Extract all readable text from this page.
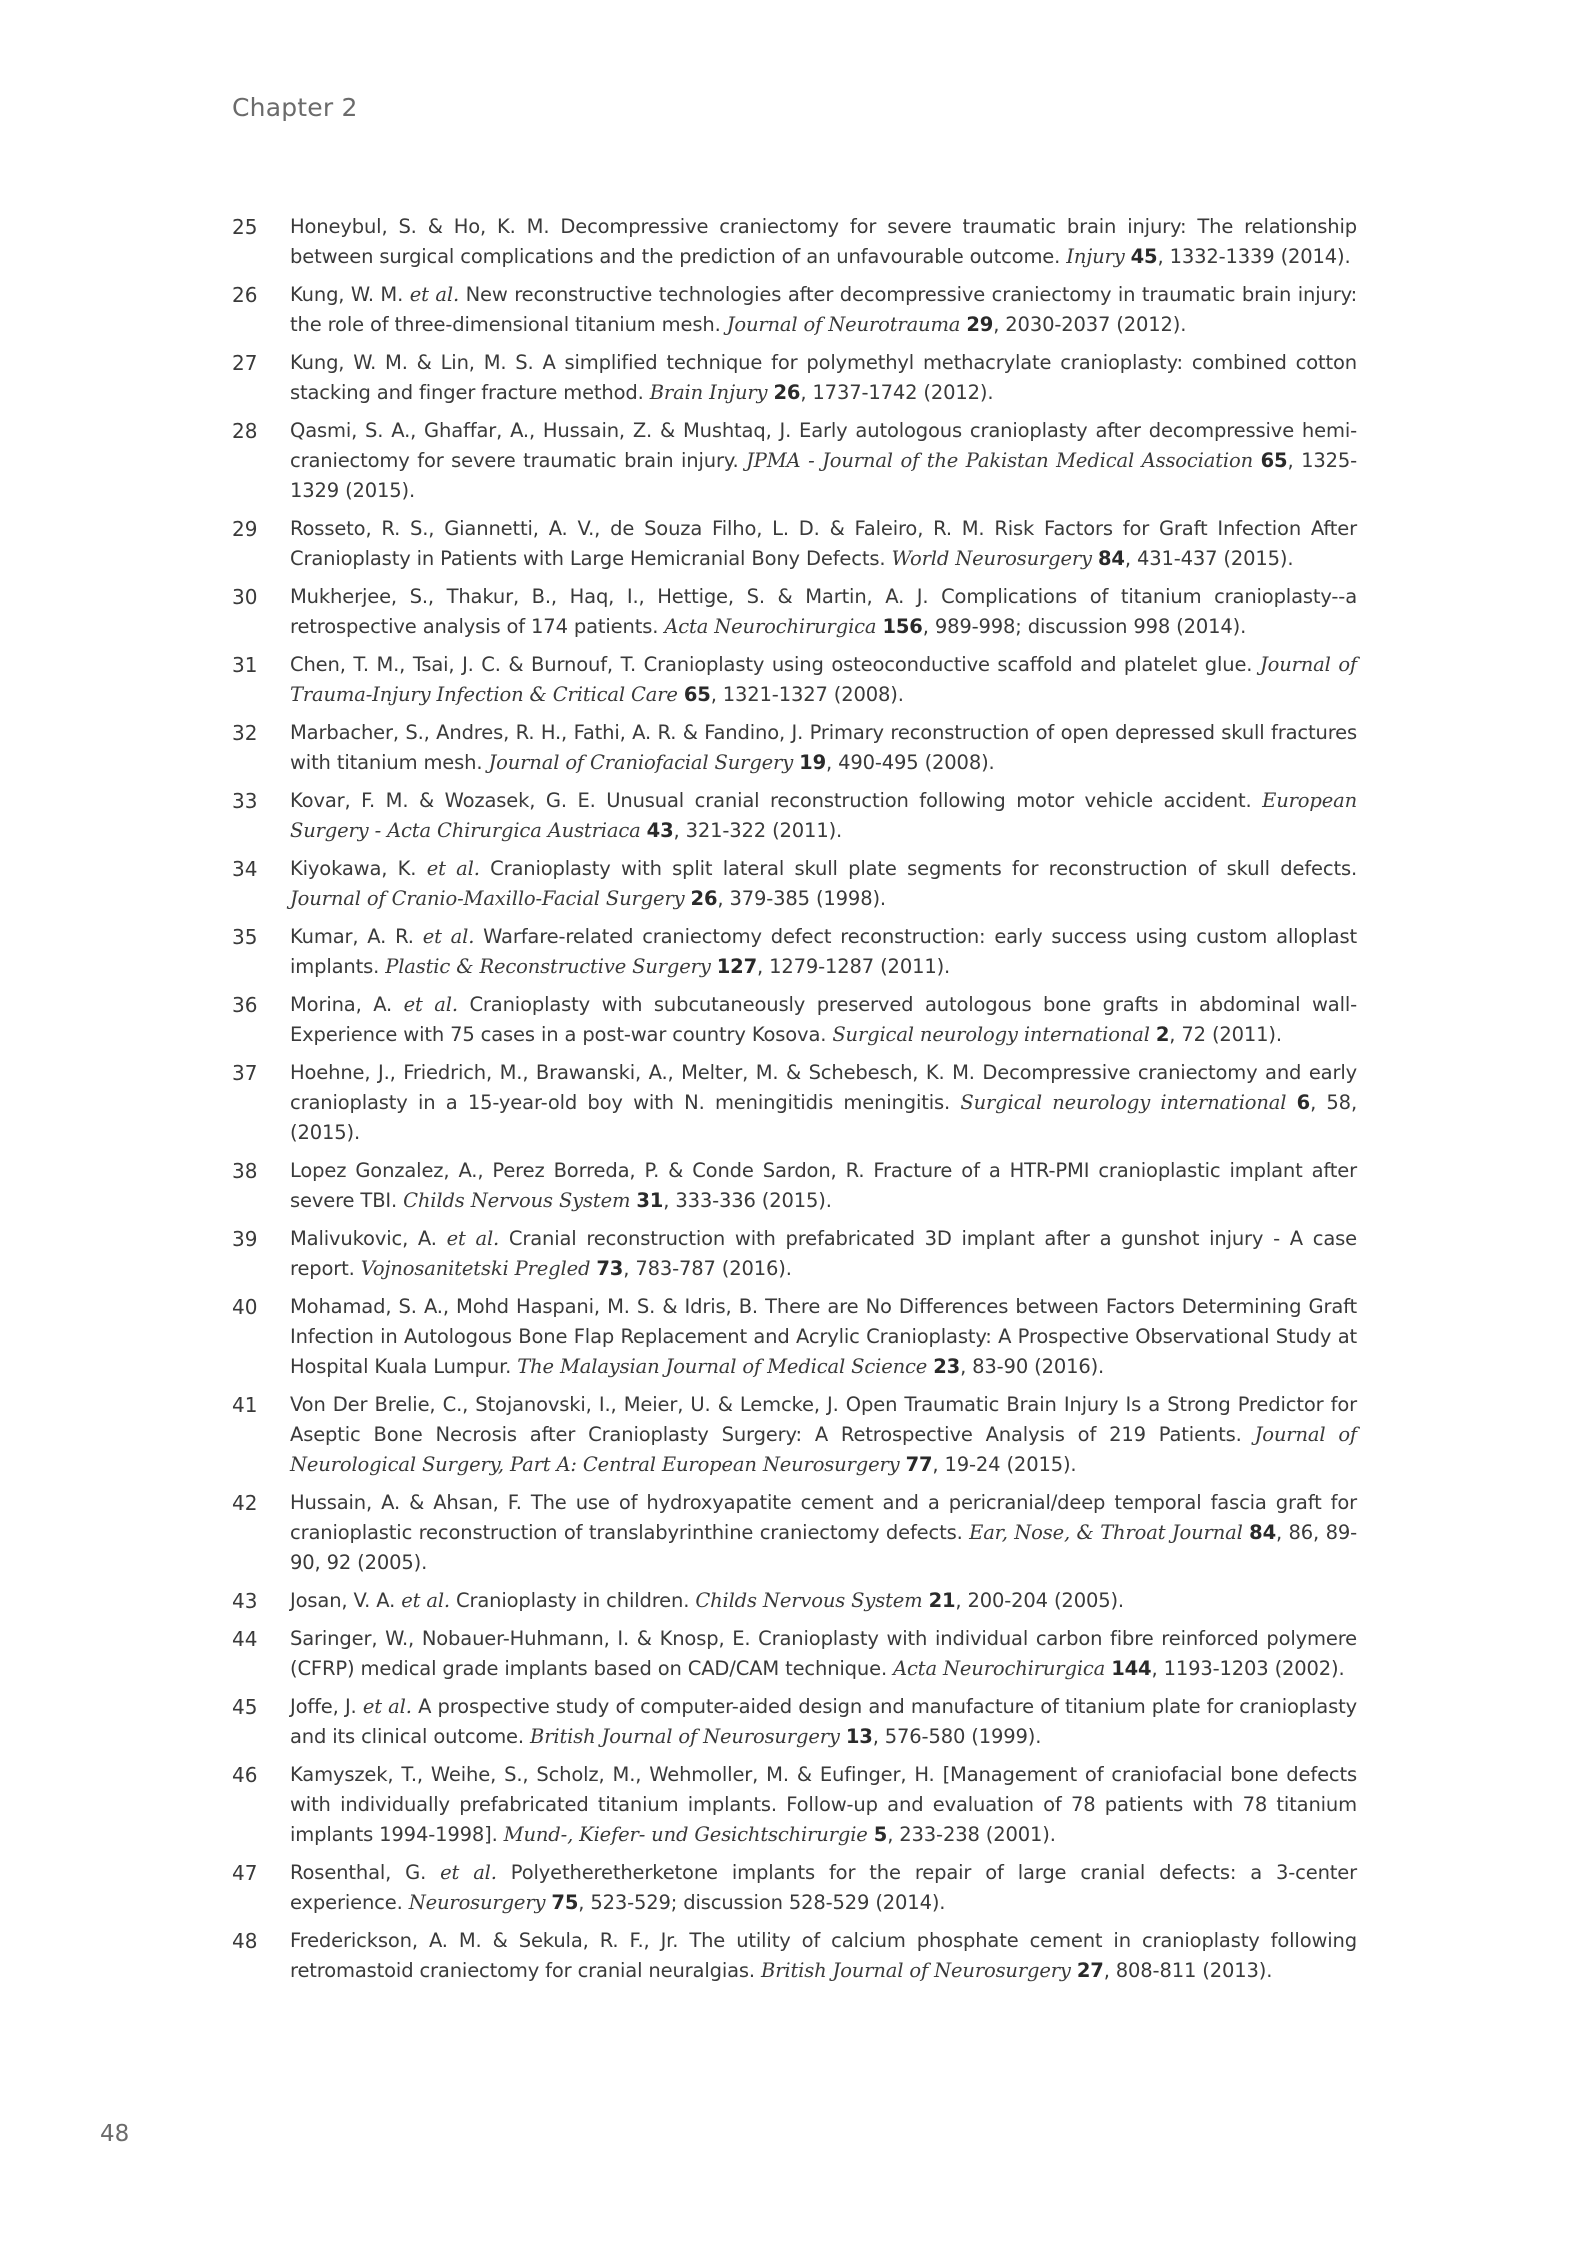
Chapter 2
25	Honeybul, S. & Ho, K. M. Decompressive craniectomy for severe traumatic brain injury: The relationship between surgical complications and the prediction of an unfavourable outcome. Injury 45, 1332-1339 (2014).
26	Kung, W. M. et al. New reconstructive technologies after decompressive craniectomy in traumatic brain injury: the role of three-dimensional titanium mesh. Journal of Neurotrauma 29, 2030-2037 (2012).
27	Kung, W. M. & Lin, M. S. A simplified technique for polymethyl methacrylate cranioplasty: combined cotton stacking and finger fracture method. Brain Injury 26, 1737-1742 (2012).
28	Qasmi, S. A., Ghaffar, A., Hussain, Z. & Mushtaq, J. Early autologous cranioplasty after decompressive hemi-craniectomy for severe traumatic brain injury. JPMA - Journal of the Pakistan Medical Association 65, 1325-1329 (2015).
29	Rosseto, R. S., Giannetti, A. V., de Souza Filho, L. D. & Faleiro, R. M. Risk Factors for Graft Infection After Cranioplasty in Patients with Large Hemicranial Bony Defects. World Neurosurgery 84, 431-437 (2015).
30	Mukherjee, S., Thakur, B., Haq, I., Hettige, S. & Martin, A. J. Complications of titanium cranioplasty--a retrospective analysis of 174 patients. Acta Neurochirurgica 156, 989-998; discussion 998 (2014).
31	Chen, T. M., Tsai, J. C. & Burnouf, T. Cranioplasty using osteoconductive scaffold and platelet glue. Journal of Trauma-Injury Infection & Critical Care 65, 1321-1327 (2008).
32	Marbacher, S., Andres, R. H., Fathi, A. R. & Fandino, J. Primary reconstruction of open depressed skull fractures with titanium mesh. Journal of Craniofacial Surgery 19, 490-495 (2008).
33	Kovar, F. M. & Wozasek, G. E. Unusual cranial reconstruction following motor vehicle accident. European Surgery - Acta Chirurgica Austriaca 43, 321-322 (2011).
34	Kiyokawa, K. et al. Cranioplasty with split lateral skull plate segments for reconstruction of skull defects. Journal of Cranio-Maxillo-Facial Surgery 26, 379-385 (1998).
35	Kumar, A. R. et al. Warfare-related craniectomy defect reconstruction: early success using custom alloplast implants. Plastic & Reconstructive Surgery 127, 1279-1287 (2011).
36	Morina, A. et al. Cranioplasty with subcutaneously preserved autologous bone grafts in abdominal wall-Experience with 75 cases in a post-war country Kosova. Surgical neurology international 2, 72 (2011).
37	Hoehne, J., Friedrich, M., Brawanski, A., Melter, M. & Schebesch, K. M. Decompressive craniectomy and early cranioplasty in a 15-year-old boy with N. meningitidis meningitis. Surgical neurology international 6, 58, (2015).
38	Lopez Gonzalez, A., Perez Borreda, P. & Conde Sardon, R. Fracture of a HTR-PMI cranioplastic implant after severe TBI. Childs Nervous System 31, 333-336 (2015).
39	Malivukovic, A. et al. Cranial reconstruction with prefabricated 3D implant after a gunshot injury - A case report. Vojnosanitetski Pregled 73, 783-787 (2016).
40	Mohamad, S. A., Mohd Haspani, M. S. & Idris, B. There are No Differences between Factors Determining Graft Infection in Autologous Bone Flap Replacement and Acrylic Cranioplasty: A Prospective Observational Study at Hospital Kuala Lumpur. The Malaysian Journal of Medical Science 23, 83-90 (2016).
41	Von Der Brelie, C., Stojanovski, I., Meier, U. & Lemcke, J. Open Traumatic Brain Injury Is a Strong Predictor for Aseptic Bone Necrosis after Cranioplasty Surgery: A Retrospective Analysis of 219 Patients. Journal of Neurological Surgery, Part A: Central European Neurosurgery 77, 19-24 (2015).
42	Hussain, A. & Ahsan, F. The use of hydroxyapatite cement and a pericranial/deep temporal fascia graft for cranioplastic reconstruction of translabyrinthine craniectomy defects. Ear, Nose, & Throat Journal 84, 86, 89-90, 92 (2005).
43	Josan, V. A. et al. Cranioplasty in children. Childs Nervous System 21, 200-204 (2005).
44	Saringer, W., Nobauer-Huhmann, I. & Knosp, E. Cranioplasty with individual carbon fibre reinforced polymere (CFRP) medical grade implants based on CAD/CAM technique. Acta Neurochirurgica 144, 1193-1203 (2002).
45	Joffe, J. et al. A prospective study of computer-aided design and manufacture of titanium plate for cranioplasty and its clinical outcome. British Journal of Neurosurgery 13, 576-580 (1999).
46	Kamyszek, T., Weihe, S., Scholz, M., Wehmoller, M. & Eufinger, H. [Management of craniofacial bone defects with individually prefabricated titanium implants. Follow-up and evaluation of 78 patients with 78 titanium implants 1994-1998]. Mund-, Kiefer- und Gesichtschirurgie 5, 233-238 (2001).
47	Rosenthal, G. et al. Polyetheretherketone implants for the repair of large cranial defects: a 3-center experience. Neurosurgery 75, 523-529; discussion 528-529 (2014).
48	Frederickson, A. M. & Sekula, R. F., Jr. The utility of calcium phosphate cement in cranioplasty following retromastoid craniectomy for cranial neuralgias. British Journal of Neurosurgery 27, 808-811 (2013).
48
